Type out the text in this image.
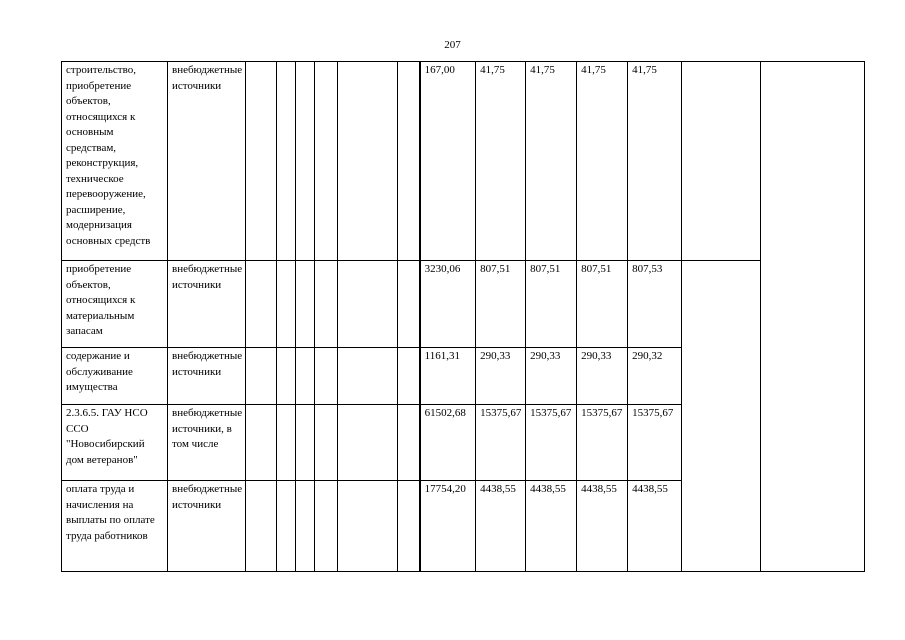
207
строительство, приобретение объектов, относящихся к основным средствам, реконструкция, техническое перевооружение, расширение, модернизация основных средств	внебюджетные источники							167,00	41,75	41,75	41,75	41,75		
приобретение объектов, относящихся к материальным запасам	внебюджетные источники							3230,06	807,51	807,51	807,51	807,53		
содержание и обслуживание имущества	внебюджетные источники							1161,31	290,33	290,33	290,33	290,32		
2.3.6.5. ГАУ НСО ССО "Новосибирский дом ветеранов"	внебюджетные источники, в том числе							61502,68	15375,67	15375,67	15375,67	15375,67		
оплата труда и начисления на выплаты по оплате труда работников	внебюджетные источники							17754,20	4438,55	4438,55	4438,55	4438,55		
